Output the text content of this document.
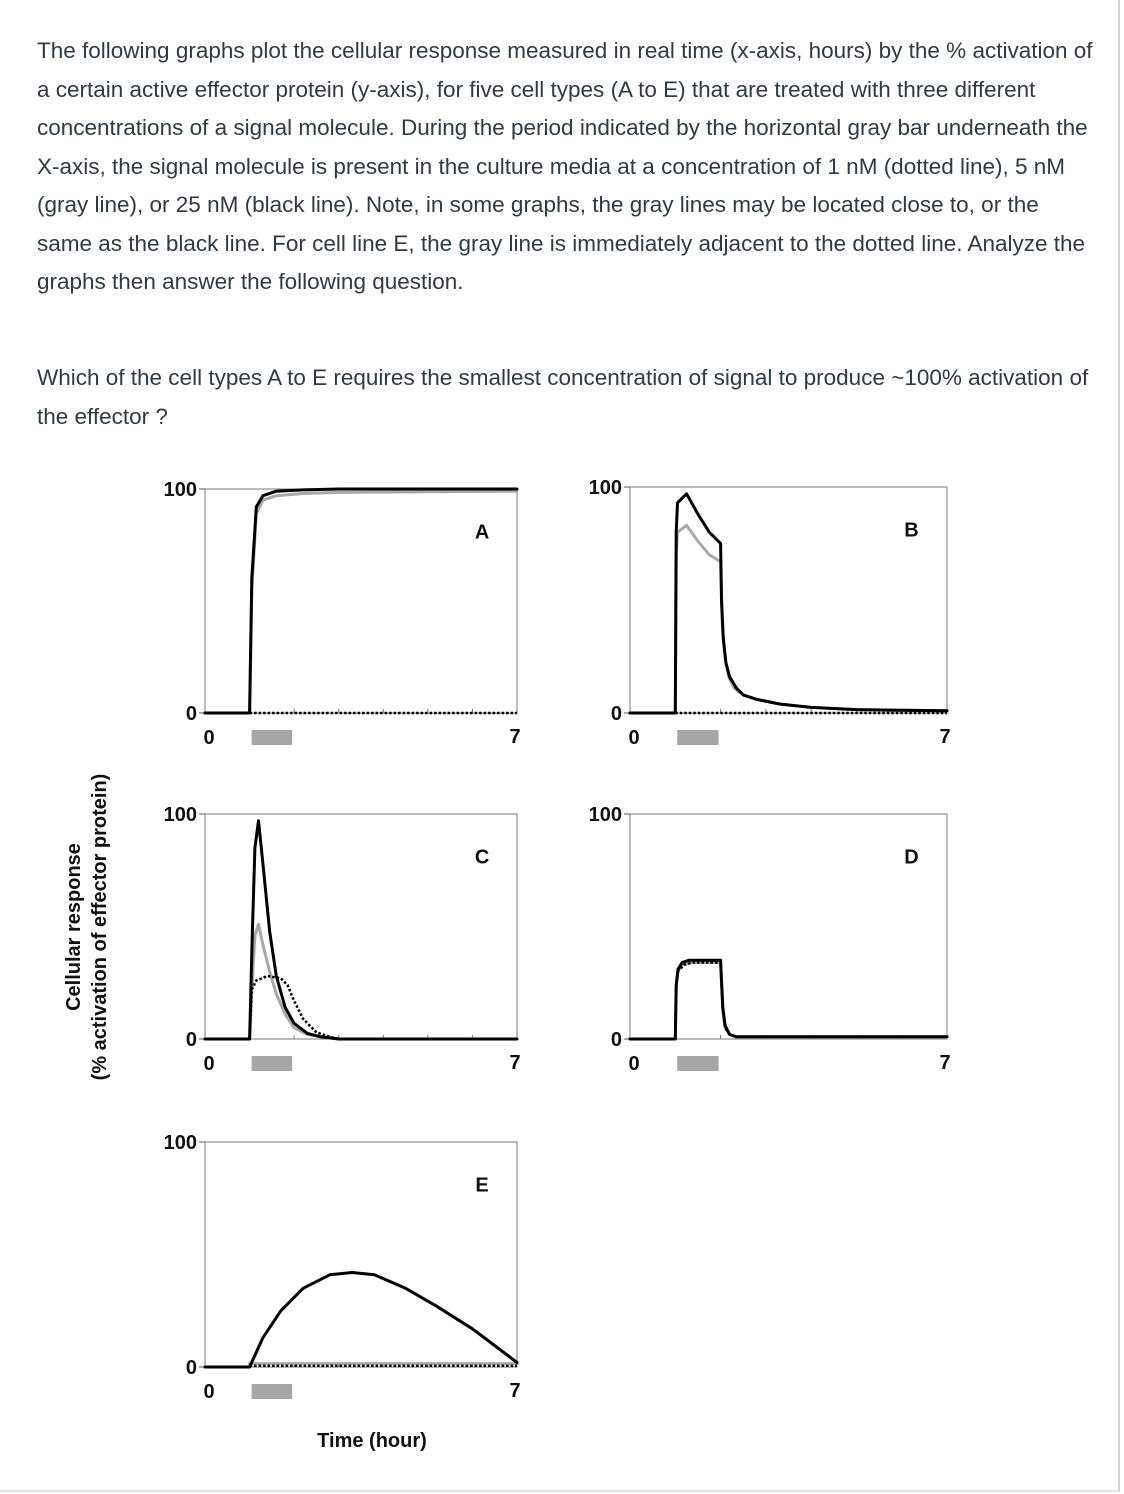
The following graphs plot the cellular response measured in real time (x-axis, hours) by the % activation of a certain active effector protein (y-axis), for five cell types (A to E) that are treated with three different concentrations of a signal molecule. During the period indicated by the horizontal gray bar underneath the X-axis, the signal molecule is present in the culture media at a concentration of 1 nM (dotted line), 5 nM (gray line), or 25 nM (black line). Note, in some graphs, the gray lines may be located close to, or the same as the black line. For cell line E, the gray line is immediately adjacent to the dotted line. Analyze the graphs then answer the following question.

Which of the cell types A to E requires the smallest concentration of signal to produce ~100% activation of the effector ?

100
0
0	7
A
100
0
0	7
B
100
0
0	7
C
100
0
0	7
D
100
0
0	7
E
Cellular response (% activation of effector protein)
Time (hour)
